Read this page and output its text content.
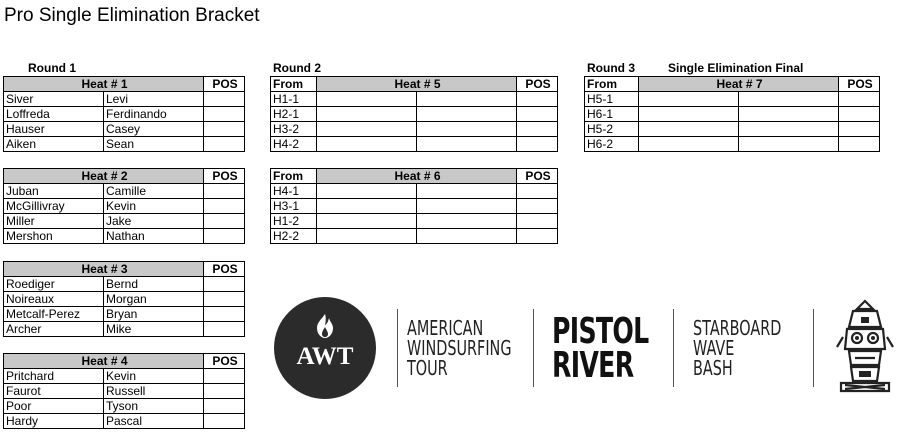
Pro Single Elimination Bracket
Round 1	Round 2	Round 3	Single Elimination Final
Heat # 1		POS
Siver	Levi	
Loffreda	Ferdinando	
Hauser	Casey	
Aiken	Sean	
Heat # 2		POS
Juban	Camille	
McGillivray	Kevin	
Miller	Jake	
Mershon	Nathan	
Heat # 3		POS
Roediger	Bernd	
Noireaux	Morgan	
Metcalf-Perez	Bryan	
Archer	Mike	
Heat # 4		POS
Pritchard	Kevin	
Faurot	Russell	
Poor	Tyson	
Hardy	Pascal	
From	Heat # 5		POS
H1-1			
H2-1			
H3-2			
H4-2			
From	Heat # 6		POS
H4-1			
H3-1			
H1-2			
H2-2			
From	Heat # 7		POS
H5-1			
H6-1			
H5-2			
H6-2			
AWT
AMERICAN
WINDSURFING
TOUR
PISTOL
RIVER
STARBOARD
WAVE
BASH
